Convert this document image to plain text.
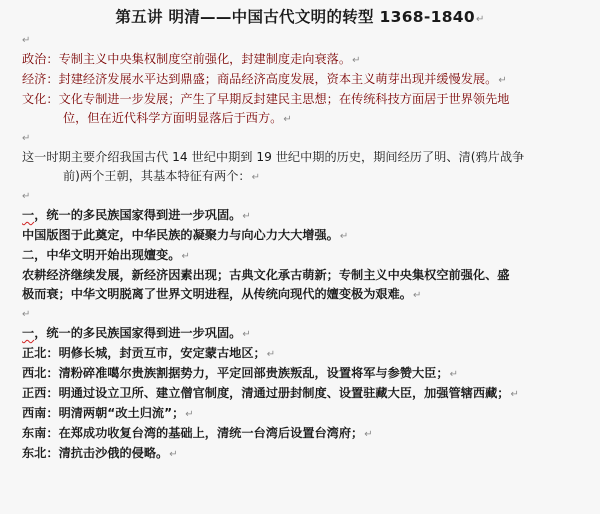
第五讲 明清——中国古代文明的转型 1368-1840↵
↵
政治：专制主义中央集权制度空前强化，封建制度走向衰落。↵
经济：封建经济发展水平达到鼎盛；商品经济高度发展，资本主义萌芽出现并缓慢发展。↵
文化：文化专制进一步发展；产生了早期反封建民主思想；在传统科技方面居于世界领先地
位，但在近代科学方面明显落后于西方。↵
↵
这一时期主要介绍我国古代 14 世纪中期到 19 世纪中期的历史，期间经历了明、清(鸦片战争
前)两个王朝，其基本特征有两个：↵
↵
一，统一的多民族国家得到进一步巩固。↵
中国版图于此奠定，中华民族的凝聚力与向心力大大增强。↵
二，中华文明开始出现嬗变。↵
农耕经济继续发展，新经济因素出现；古典文化承古萌新；专制主义中央集权空前强化、盛
极而衰；中华文明脱离了世界文明进程，从传统向现代的嬗变极为艰难。↵
↵
一，统一的多民族国家得到进一步巩固。↵
正北：明修长城，封贡互市，安定蒙古地区；↵
西北：清粉碎准噶尔贵族割据势力，平定回部贵族叛乱，设置将军与参赞大臣；↵
正西：明通过设立卫所、建立僧官制度，清通过册封制度、设置驻藏大臣，加强管辖西藏；↵
西南：明清两朝“改土归流”；↵
东南：在郑成功收复台湾的基础上，清统一台湾后设置台湾府；↵
东北：清抗击沙俄的侵略。↵
